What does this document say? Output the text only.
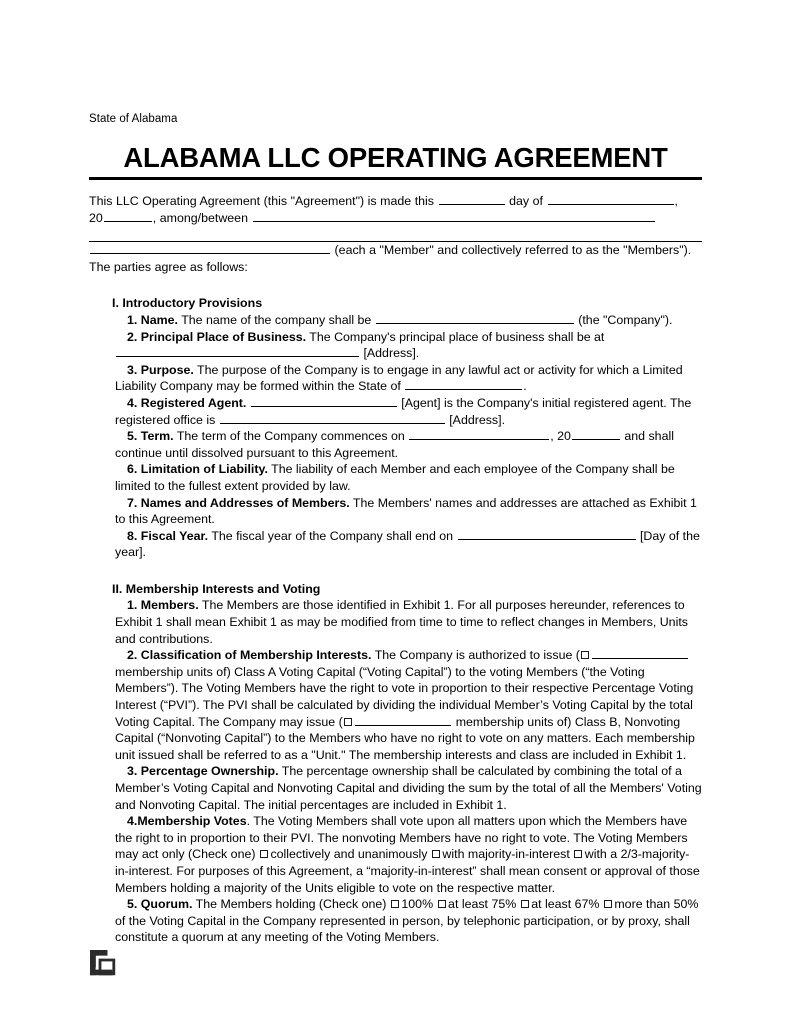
State of Alabama
ALABAMA LLC OPERATING AGREEMENT
This LLC Operating Agreement (this "Agreement") is made this	day of	,
20	, among/between
(each a "Member" and collectively referred to as the "Members").
The parties agree as follows:
I. Introductory Provisions
1. Name. The name of the company shall be	(the "Company").
2. Principal Place of Business. The Company's principal place of business shall be at
[Address].
3. Purpose. The purpose of the Company is to engage in any lawful act or activity for which a Limited Liability Company may be formed within the State of	.
4. Registered Agent.	[Agent] is the Company's initial registered agent. The registered office is	[Address].
5. Term. The term of the Company commences on	, 20	and shall continue until dissolved pursuant to this Agreement.
6. Limitation of Liability. The liability of each Member and each employee of the Company shall be limited to the fullest extent provided by law.
7. Names and Addresses of Members. The Members' names and addresses are attached as Exhibit 1 to this Agreement.
8. Fiscal Year. The fiscal year of the Company shall end on	[Day of the year].
II. Membership Interests and Voting
1. Members. The Members are those identified in Exhibit 1. For all purposes hereunder, references to Exhibit 1 shall mean Exhibit 1 as may be modified from time to time to reflect changes in Members, Units and contributions.
2. Classification of Membership Interests. The Company is authorized to issue ( membership units of) Class A Voting Capital (“Voting Capital”) to the voting Members (“the Voting Members”). The Voting Members have the right to vote in proportion to their respective Percentage Voting Interest (“PVI”). The PVI shall be calculated by dividing the individual Member’s Voting Capital by the total Voting Capital. The Company may issue (	membership units of) Class B, Nonvoting Capital (“Nonvoting Capital”) to the Members who have no right to vote on any matters. Each membership unit issued shall be referred to as a "Unit." The membership interests and class are included in Exhibit 1.
3. Percentage Ownership. The percentage ownership shall be calculated by combining the total of a Member’s Voting Capital and Nonvoting Capital and dividing the sum by the total of all the Members' Voting and Nonvoting Capital. The initial percentages are included in Exhibit 1.
4.Membership Votes. The Voting Members shall vote upon all matters upon which the Members have the right to in proportion to their PVI. The nonvoting Members have no right to vote. The Voting Members may act only (Check one) collectively and unanimously with majority-in-interest with a 2/3-majority-in-interest. For purposes of this Agreement, a “majority-in-interest” shall mean consent or approval of those Members holding a majority of the Units eligible to vote on the respective matter.
5. Quorum. The Members holding (Check one) 100% at least 75% at least 67% more than 50% of the Voting Capital in the Company represented in person, by telephonic participation, or by proxy, shall constitute a quorum at any meeting of the Voting Members.
